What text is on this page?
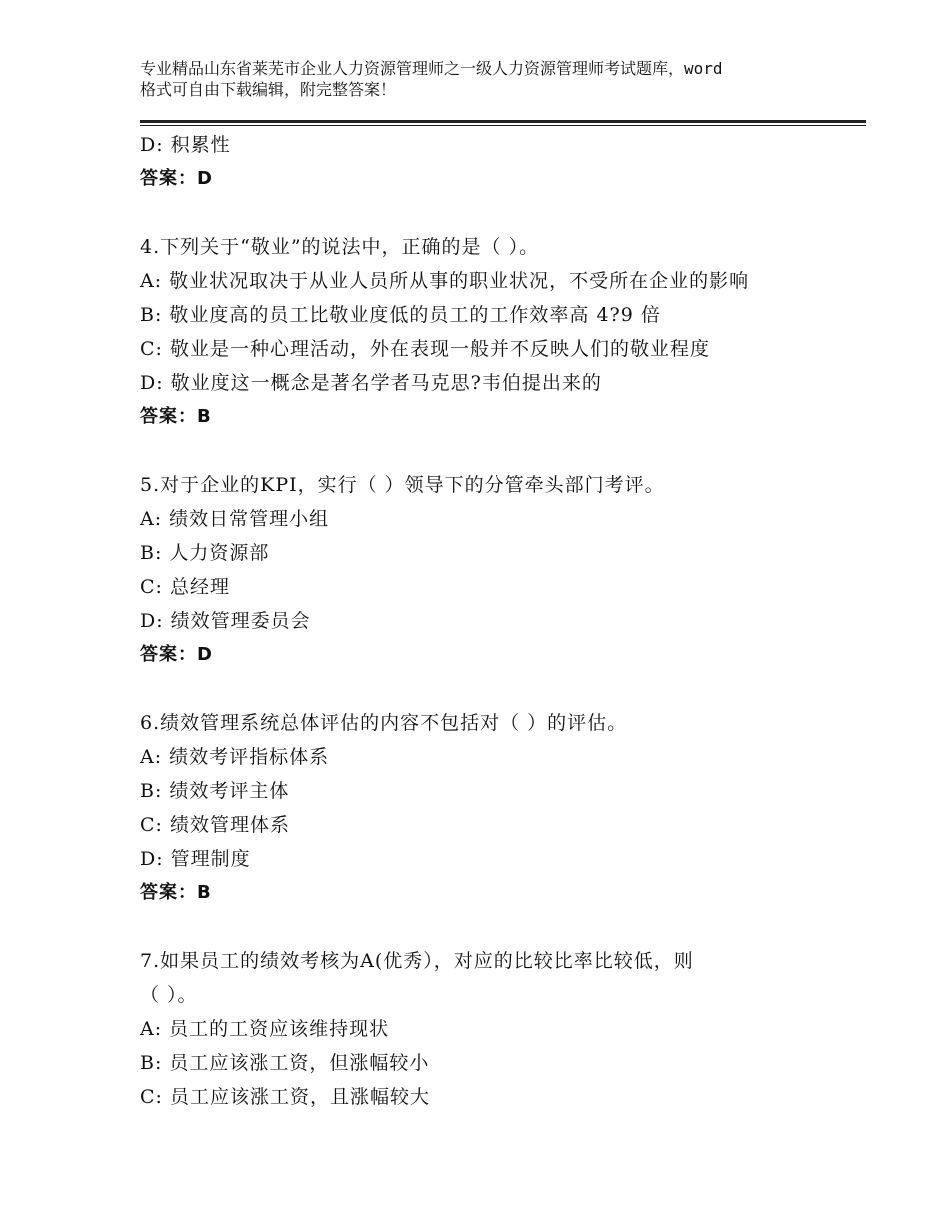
专业精品山东省莱芜市企业人力资源管理师之一级人力资源管理师考试题库，word
格式可自由下载编辑，附完整答案！
D: 积累性
答案：D
4.下列关于“敬业”的说法中，正确的是（ ）。
A: 敬业状况取决于从业人员所从事的职业状况，不受所在企业的影响
B: 敬业度高的员工比敬业度低的员工的工作效率高 4?9 倍
C: 敬业是一种心理活动，外在表现一般并不反映人们的敬业程度
D: 敬业度这一概念是著名学者马克思?韦伯提出来的
答案：B
5.对于企业的KPI，实行（ ）领导下的分管牵头部门考评。
A: 绩效日常管理小组
B: 人力资源部
C: 总经理
D: 绩效管理委员会
答案：D
6.绩效管理系统总体评估的内容不包括对（ ）的评估。
A: 绩效考评指标体系
B: 绩效考评主体
C: 绩效管理体系
D: 管理制度
答案：B
7.如果员工的绩效考核为A(优秀），对应的比较比率比较低，则
（ ）。
A: 员工的工资应该维持现状
B: 员工应该涨工资，但涨幅较小
C: 员工应该涨工资，且涨幅较大
